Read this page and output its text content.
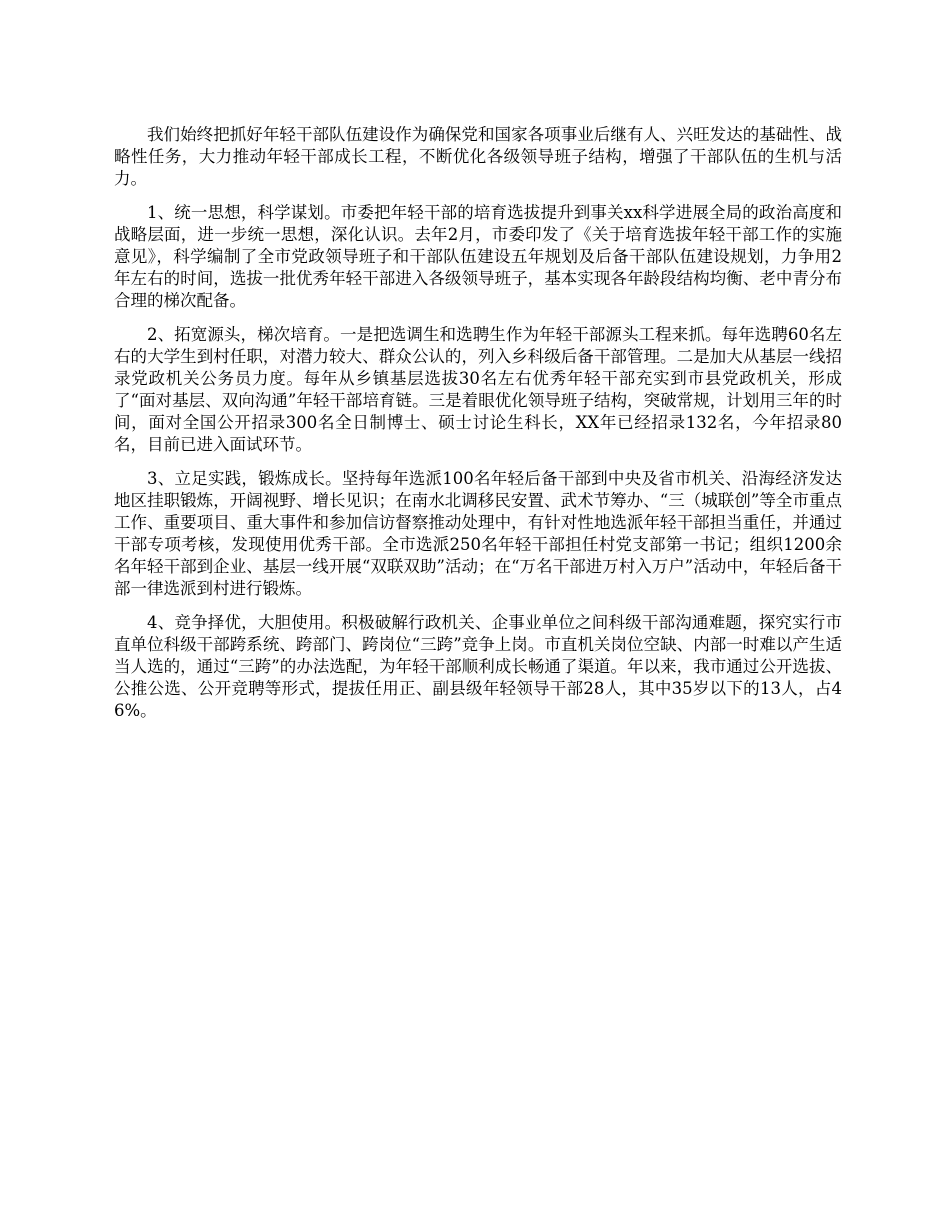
我们始终把抓好年轻干部队伍建设作为确保党和国家各项事业后继有人、兴旺发达的基础性、战略性任务，大力推动年轻干部成长工程，不断优化各级领导班子结构，增强了干部队伍的生机与活力。

1、统一思想，科学谋划。市委把年轻干部的培育选拔提升到事关xx科学进展全局的政治高度和战略层面，进一步统一思想，深化认识。去年2月，市委印发了《关于培育选拔年轻干部工作的实施意见》，科学编制了全市党政领导班子和干部队伍建设五年规划及后备干部队伍建设规划，力争用2年左右的时间，选拔一批优秀年轻干部进入各级领导班子，基本实现各年龄段结构均衡、老中青分布合理的梯次配备。

2、拓宽源头，梯次培育。一是把选调生和选聘生作为年轻干部源头工程来抓。每年选聘60名左右的大学生到村任职，对潜力较大、群众公认的，列入乡科级后备干部管理。二是加大从基层一线招录党政机关公务员力度。每年从乡镇基层选拔30名左右优秀年轻干部充实到市县党政机关，形成了“面对基层、双向沟通”年轻干部培育链。三是着眼优化领导班子结构，突破常规，计划用三年的时间，面对全国公开招录300名全日制博士、硕士讨论生科长，XX年已经招录132名，今年招录80名，目前已进入面试环节。

3、立足实践，锻炼成长。坚持每年选派100名年轻后备干部到中央及省市机关、沿海经济发达地区挂职锻炼，开阔视野、增长见识；在南水北调移民安置、武术节筹办、“三（城联创”等全市重点工作、重要项目、重大事件和参加信访督察推动处理中，有针对性地选派年轻干部担当重任，并通过干部专项考核，发现使用优秀干部。全市选派250名年轻干部担任村党支部第一书记；组织1200余名年轻干部到企业、基层一线开展“双联双助”活动；在“万名干部进万村入万户”活动中，年轻后备干部一律选派到村进行锻炼。

4、竞争择优，大胆使用。积极破解行政机关、企事业单位之间科级干部沟通难题，探究实行市直单位科级干部跨系统、跨部门、跨岗位“三跨”竞争上岗。市直机关岗位空缺、内部一时难以产生适当人选的，通过“三跨”的办法选配，为年轻干部顺利成长畅通了渠道。年以来，我市通过公开选拔、公推公选、公开竞聘等形式，提拔任用正、副县级年轻领导干部28人，其中35岁以下的13人，占46%。
